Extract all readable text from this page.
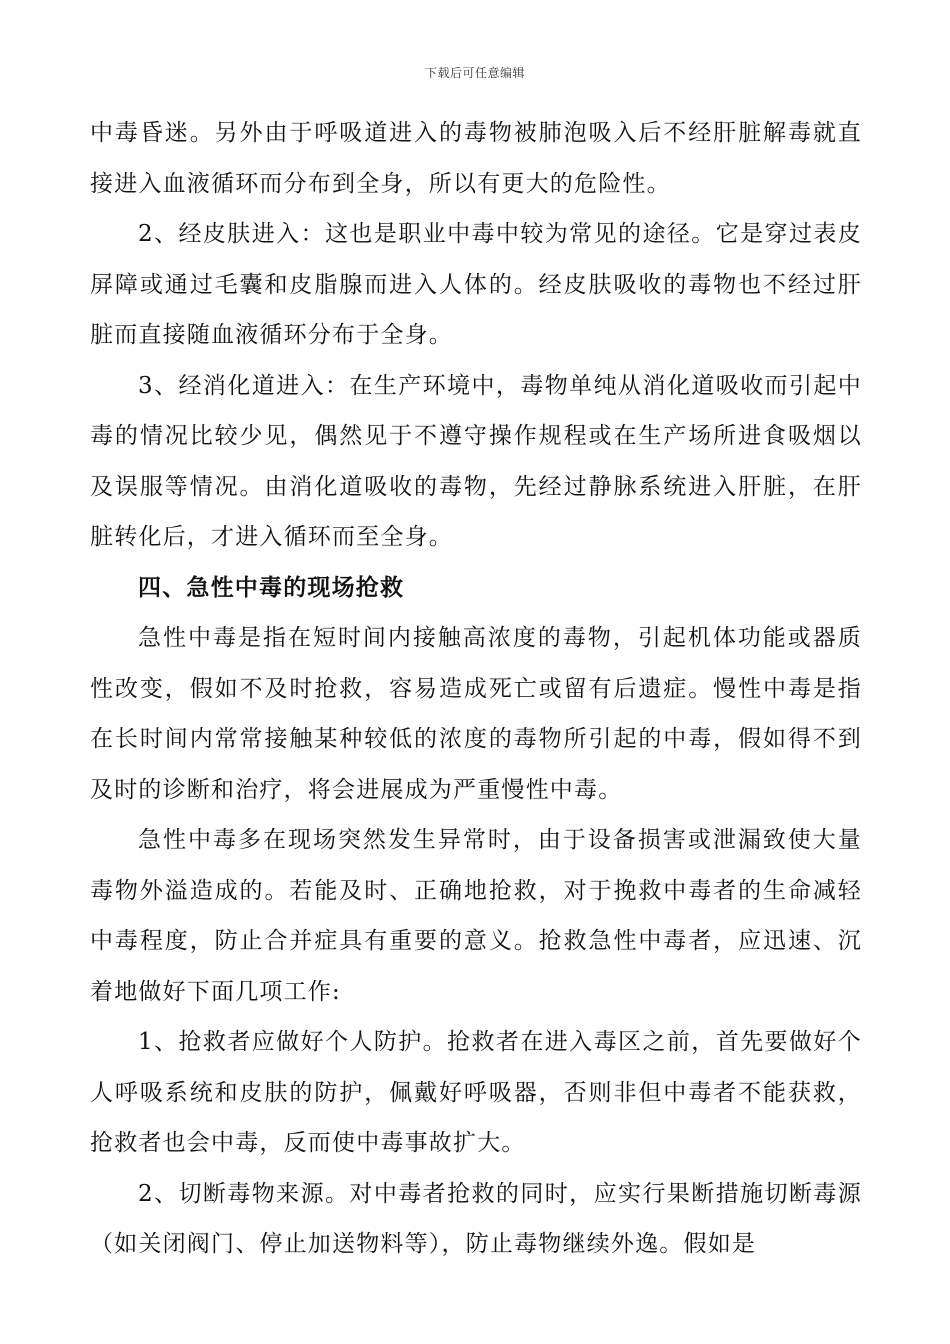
下载后可任意编辑

中毒昏迷。另外由于呼吸道进入的毒物被肺泡吸入后不经肝脏解毒就直接进入血液循环而分布到全身，所以有更大的危险性。

2、经皮肤进入：这也是职业中毒中较为常见的途径。它是穿过表皮屏障或通过毛囊和皮脂腺而进入人体的。经皮肤吸收的毒物也不经过肝脏而直接随血液循环分布于全身。

3、经消化道进入：在生产环境中，毒物单纯从消化道吸收而引起中毒的情况比较少见，偶然见于不遵守操作规程或在生产场所进食吸烟以及误服等情况。由消化道吸收的毒物，先经过静脉系统进入肝脏，在肝脏转化后，才进入循环而至全身。

四、急性中毒的现场抢救

急性中毒是指在短时间内接触高浓度的毒物，引起机体功能或器质性改变，假如不及时抢救，容易造成死亡或留有后遗症。慢性中毒是指在长时间内常常接触某种较低的浓度的毒物所引起的中毒，假如得不到及时的诊断和治疗，将会进展成为严重慢性中毒。

急性中毒多在现场突然发生异常时，由于设备损害或泄漏致使大量毒物外溢造成的。若能及时、正确地抢救，对于挽救中毒者的生命减轻中毒程度，防止合并症具有重要的意义。抢救急性中毒者，应迅速、沉着地做好下面几项工作:

1、抢救者应做好个人防护。抢救者在进入毒区之前，首先要做好个人呼吸系统和皮肤的防护，佩戴好呼吸器，否则非但中毒者不能获救，抢救者也会中毒，反而使中毒事故扩大。

2、切断毒物来源。对中毒者抢救的同时，应实行果断措施切断毒源（如关闭阀门、停止加送物料等），防止毒物继续外逸。假如是
